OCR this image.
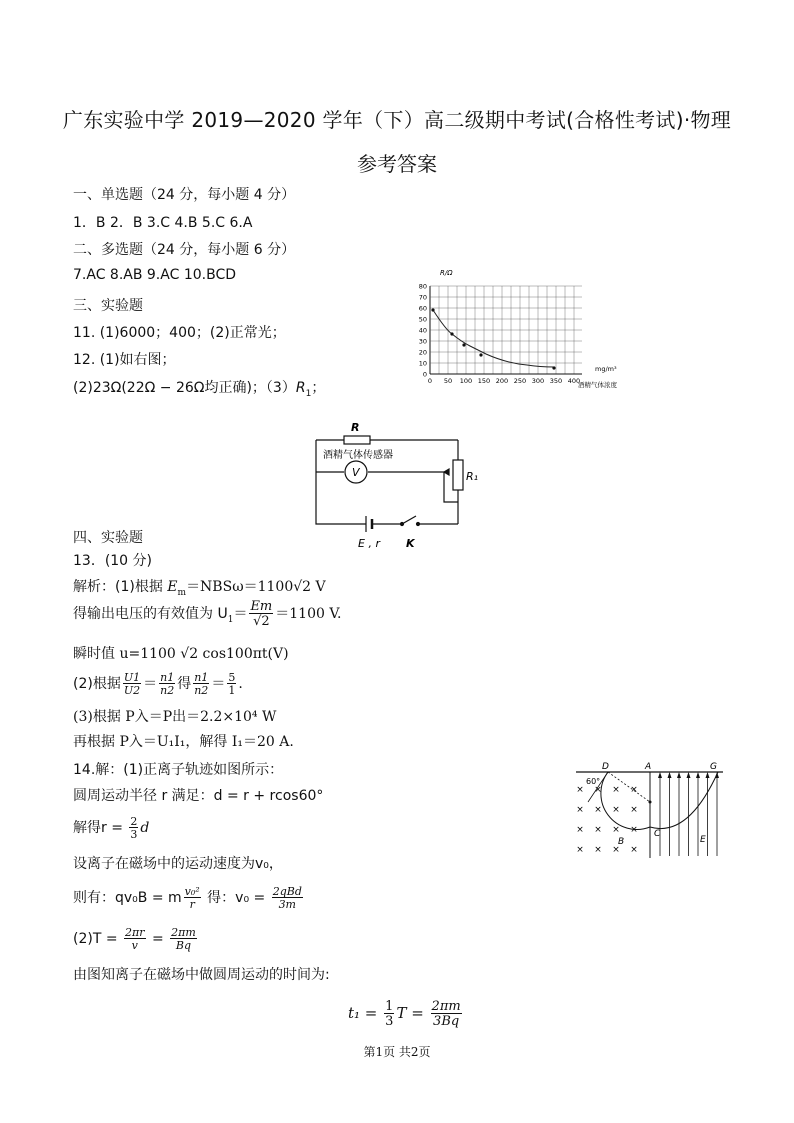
广东实验中学 2019—2020 学年（下）高二级期中考试(合格性考试)·物理
参考答案
一、单选题（24 分，每小题 4 分）
1．B 2．B 3.C 4.B 5.C 6.A
二、多选题（24 分，每小题 6 分）
7.AC 8.AB 9.AC 10.BCD
三、实验题
11. (1)6000；400；(2)正常光；
12. (1)如右图；
(2)23Ω(22Ω − 26Ω均正确)；$(3)R_1$；
0
10
20
30
40
50
60
70
80
0 50 100 150 200 250 300 350 400
R/Ω
mg/m³
酒精气体浓度
R
酒精气体传感器
V	R₁
E , r K
四、实验题
13．(10 分)
解析：(1)根据 $E_m=NBS\omega=1100√2$ V
得输出电压的有效值为 $U_1= \frac{Em}{√2} =1100$ V.
瞬时值 u=1100 √2 cos100πt(V)
(2)根据 $\frac{U1}{U2} = \frac{n1}{n2}$ 得 $\frac{n1}{n2} = \frac{5}{1}$ .
(3)根据 P入＝P出＝2.2×10⁴ W
再根据 P入＝U₁I₁，解得 I₁＝20 A.
14.解：(1)正离子轨迹如图所示：
圆周运动半径 r 满足：d = r + rcos60°
解得$r = \frac{2}{3}$ d
设离子在磁场中的运动速度为v₀，
则有：qv₀B = m $\frac{\text{v₀²}}{r}$ 得：$v_0 = \frac{\text{2qBd}}{3m}$
$(2)T = \frac{2\pi r}{v} = \frac{2\pi m}{Bq}$
由图知离子在磁场中做圆周运动的时间为:
$t_1 = \frac{1}{3}$ $T = \frac{2\pi m}{3Bq}$
× × × ×
× × × ×
× × × ×
× × × ×
D	A	G
C
B	E
60°
第1页 共2页
